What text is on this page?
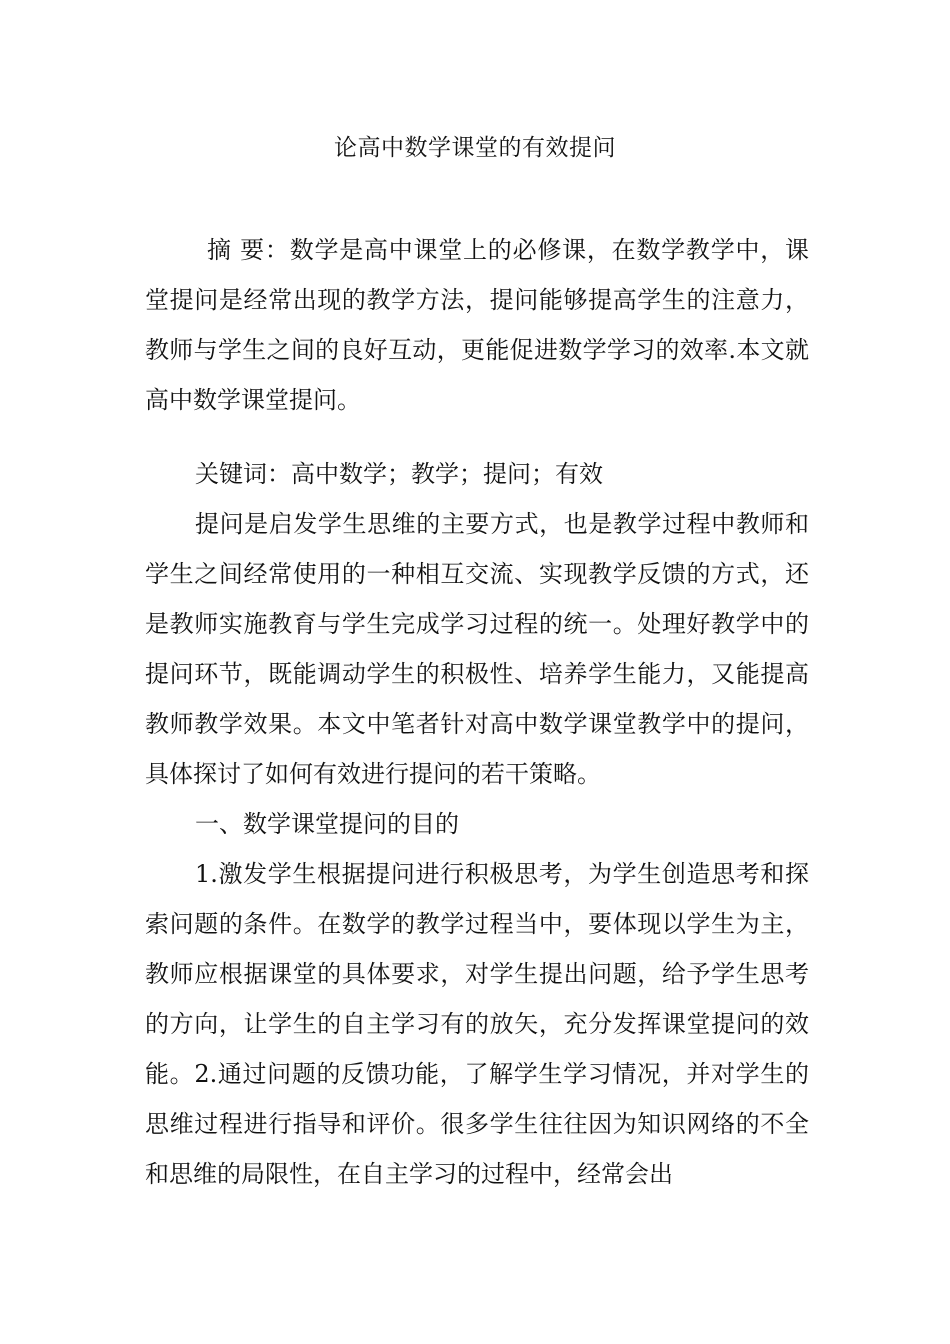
论高中数学课堂的有效提问

摘 要：数学是高中课堂上的必修课，在数学教学中，课堂提问是经常出现的教学方法，提问能够提高学生的注意力，教师与学生之间的良好互动，更能促进数学学习的效率.本文就高中数学课堂提问。

关键词：高中数学；教学；提问；有效

提问是启发学生思维的主要方式，也是教学过程中教师和学生之间经常使用的一种相互交流、实现教学反馈的方式，还是教师实施教育与学生完成学习过程的统一。处理好教学中的提问环节，既能调动学生的积极性、培养学生能力，又能提高教师教学效果。本文中笔者针对高中数学课堂教学中的提问，具体探讨了如何有效进行提问的若干策略。

一、数学课堂提问的目的

1.激发学生根据提问进行积极思考，为学生创造思考和探索问题的条件。在数学的教学过程当中，要体现以学生为主，教师应根据课堂的具体要求，对学生提出问题，给予学生思考的方向，让学生的自主学习有的放矢，充分发挥课堂提问的效能。2.通过问题的反馈功能，了解学生学习情况，并对学生的思维过程进行指导和评价。很多学生往往因为知识网络的不全和思维的局限性，在自主学习的过程中，经常会出
